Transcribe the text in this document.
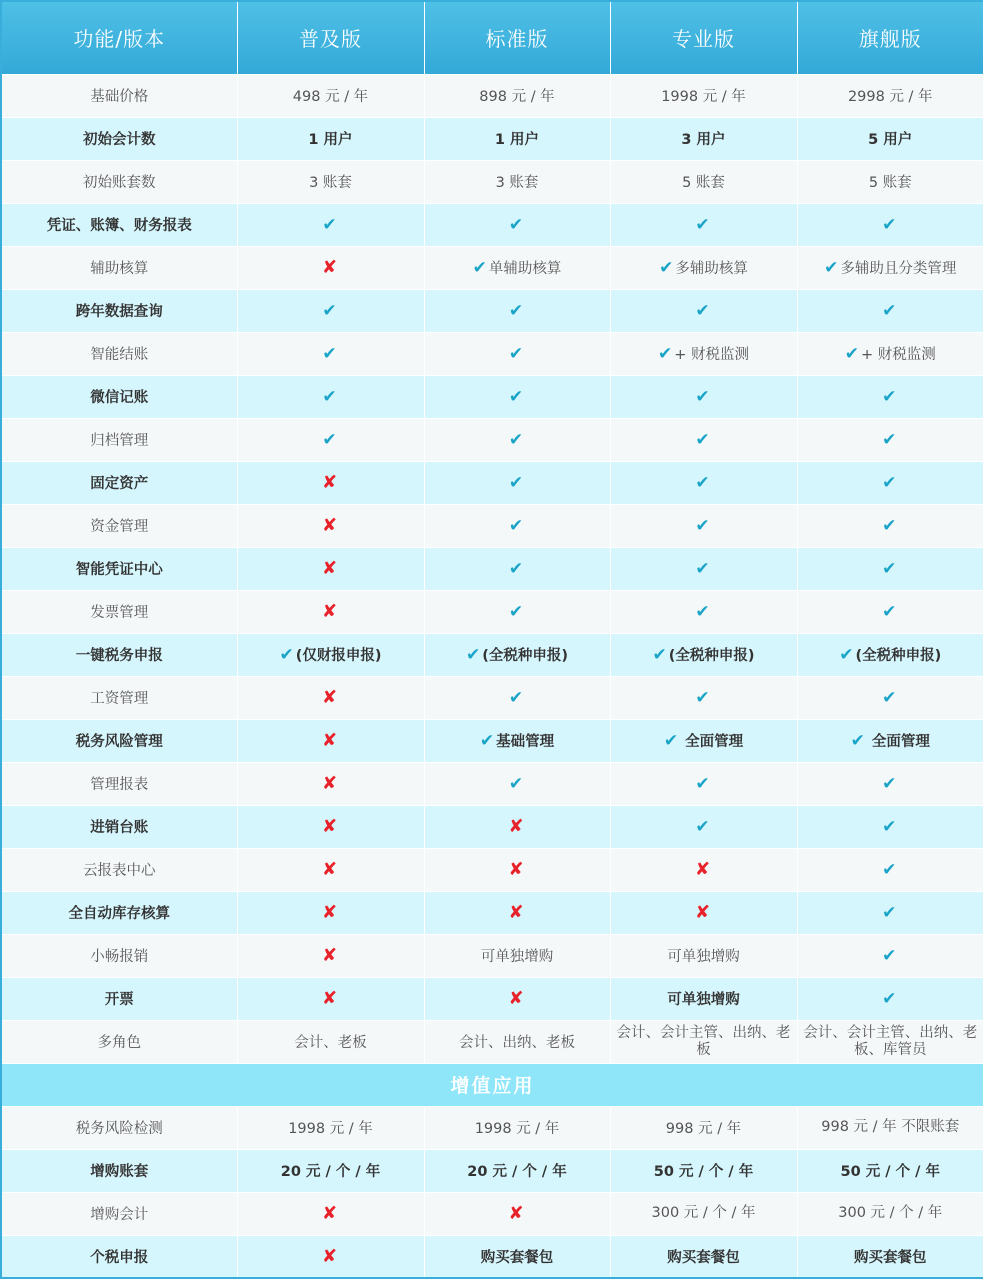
功能/版本	普及版	标准版	专业版	旗舰版
基础价格	498 元 / 年	898 元 / 年	1998 元 / 年	2998 元 / 年
初始会计数	1 用户	1 用户	3 用户	5 用户
初始账套数	3 账套	3 账套	5 账套	5 账套
凭证、账簿、财务报表	✔	✔	✔	✔
辅助核算	✘	✔ 单辅助核算	✔ 多辅助核算	✔ 多辅助且分类管理
跨年数据查询	✔	✔	✔	✔
智能结账	✔	✔	✔ + 财税监测	✔ + 财税监测
微信记账	✔	✔	✔	✔
归档管理	✔	✔	✔	✔
固定资产	✘	✔	✔	✔
资金管理	✘	✔	✔	✔
智能凭证中心	✘	✔	✔	✔
发票管理	✘	✔	✔	✔
一键税务申报	✔ (仅财报申报)	✔ (全税种申报)	✔ (全税种申报)	✔ (全税种申报)
工资管理	✘	✔	✔	✔
税务风险管理	✘	✔ 基础管理	✔ 全面管理	✔ 全面管理
管理报表	✘	✔	✔	✔
进销台账	✘	✘	✔	✔
云报表中心	✘	✘	✘	✔
全自动库存核算	✘	✘	✘	✔
小畅报销	✘	可单独增购	可单独增购	✔
开票	✘	✘	可单独增购	✔
多角色	会计、老板	会计、出纳、老板	会计、会计主管、出纳、老板	会计、会计主管、出纳、老板、库管员
增值应用				
税务风险检测	1998 元 / 年	1998 元 / 年	998 元 / 年	998 元 / 年 不限账套
增购账套	20 元 / 个 / 年	20 元 / 个 / 年	50 元 / 个 / 年	50 元 / 个 / 年
增购会计	✘	✘	300 元 / 个 / 年	300 元 / 个 / 年
个税申报	✘	购买套餐包	购买套餐包	购买套餐包
